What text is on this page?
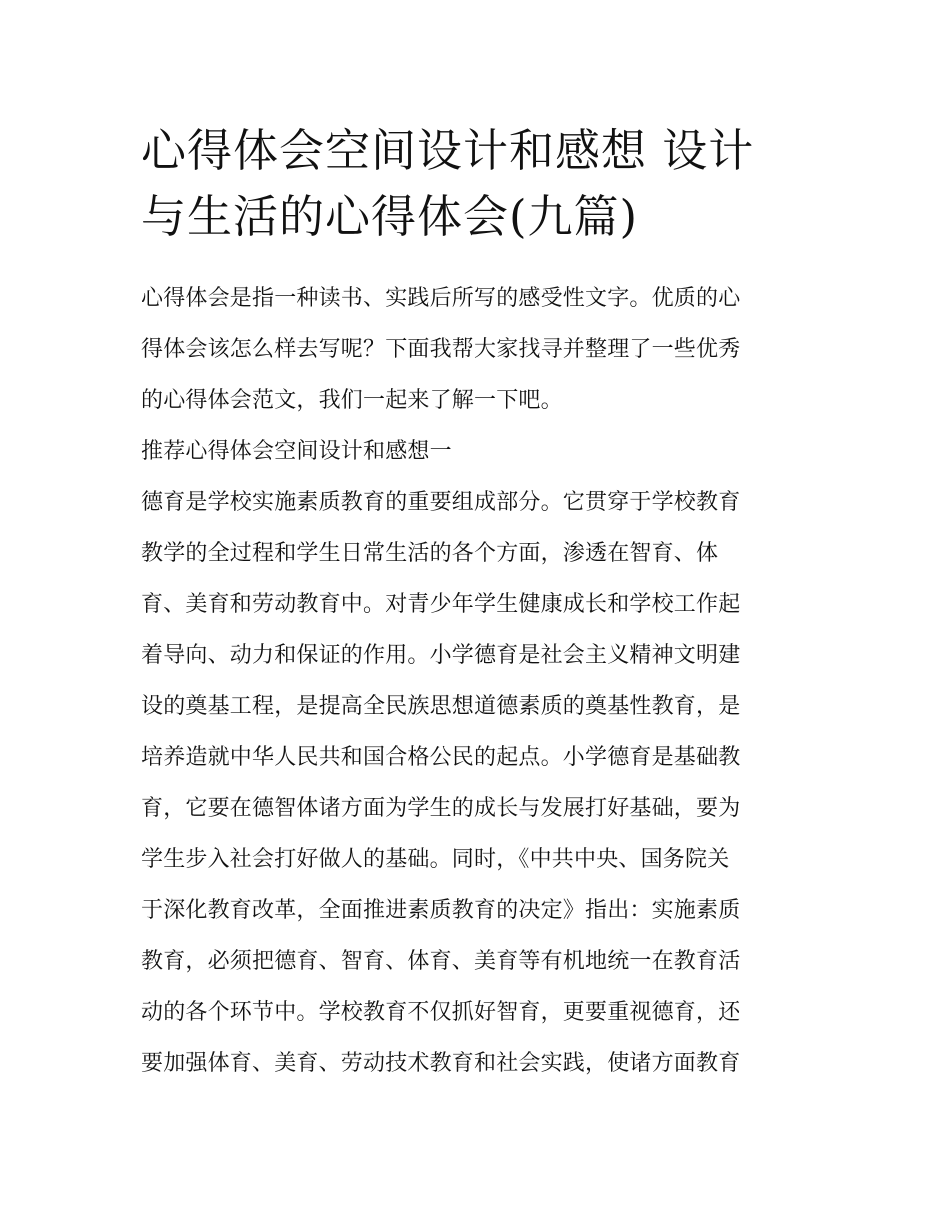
心得体会空间设计和感想 设计
与生活的心得体会(九篇)

心得体会是指一种读书、实践后所写的感受性文字。优质的心

得体会该怎么样去写呢？下面我帮大家找寻并整理了一些优秀

的心得体会范文，我们一起来了解一下吧。

推荐心得体会空间设计和感想一

德育是学校实施素质教育的重要组成部分。它贯穿于学校教育

教学的全过程和学生日常生活的各个方面，渗透在智育、体

育、美育和劳动教育中。对青少年学生健康成长和学校工作起

着导向、动力和保证的作用。小学德育是社会主义精神文明建

设的奠基工程，是提高全民族思想道德素质的奠基性教育，是

培养造就中华人民共和国合格公民的起点。小学德育是基础教

育，它要在德智体诸方面为学生的成长与发展打好基础，要为

学生步入社会打好做人的基础。同时，《中共中央、国务院关

于深化教育改革，全面推进素质教育的决定》指出：实施素质

教育，必须把德育、智育、体育、美育等有机地统一在教育活

动的各个环节中。学校教育不仅抓好智育，更要重视德育，还

要加强体育、美育、劳动技术教育和社会实践，使诸方面教育
